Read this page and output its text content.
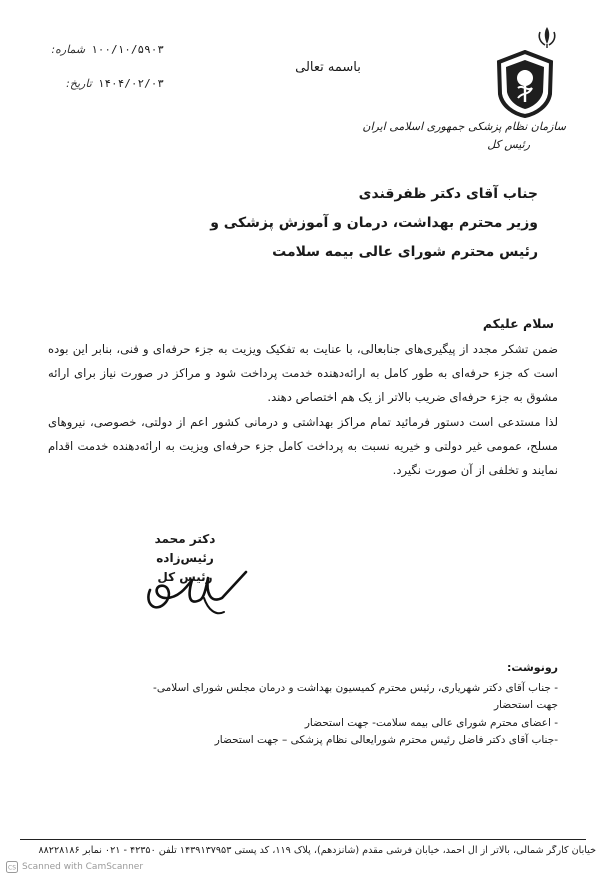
سازمان نظام پزشکی جمهوری اسلامی ایران
رئیس کل
باسمه تعالی
۱۰۰/۱۰/۵۹۰۳
شماره:
۱۴۰۴/۰۲/۰۳
تاریخ:
جناب آقای دکتر ظفرقندی
وزیر محترم بهداشت، درمان و آموزش پزشکی و
رئیس محترم شورای عالی بیمه سلامت
سلام علیکم

ضمن تشکر مجدد از پیگیری‌های جنابعالی، با عنایت به تفکیک ویزیت به جزء حرفه‌ای و فنی، بنابر این بوده است که جزء حرفه‌ای به طور کامل به ارائه‌دهنده خدمت پرداخت شود و مراکز در صورت نیاز برای ارائه مشوق به جزء حرفه‌ای ضریب بالاتر از یک هم اختصاص دهند.

لذا مستدعی است دستور فرمائید تمام مراکز بهداشتی و درمانی کشور اعم از دولتی، خصوصی، نیروهای مسلح، عمومی غیر دولتی و خیریه نسبت به پرداخت کامل جزء حرفه‌ای ویزیت به ارائه‌دهنده خدمت اقدام نمایند و تخلفی از آن صورت نگیرد.

دکتر محمد رئیس‌زاده
رئیس کل
رونوشت:
- جناب آقای دکتر شهریاری، رئیس محترم کمیسیون بهداشت و درمان مجلس شورای اسلامی- جهت استحضار
- اعضای محترم شورای عالی بیمه سلامت- جهت استحضار
-جناب آقای دکتر فاضل رئیس محترم شورایعالی نظام پزشکی – جهت استحضار
خیابان کارگر شمالی، بالاتر از آل احمد، خیابان فرشی مقدم (شانزدهم)، پلاک ۱۱۹، کد پستی ۱۴۳۹۱۳۷۹۵۳ تلفن ۴۲۳۵۰ - ۰۲۱ نمابر ۸۸۲۲۸۱۸۶
CS Scanned with CamScanner
